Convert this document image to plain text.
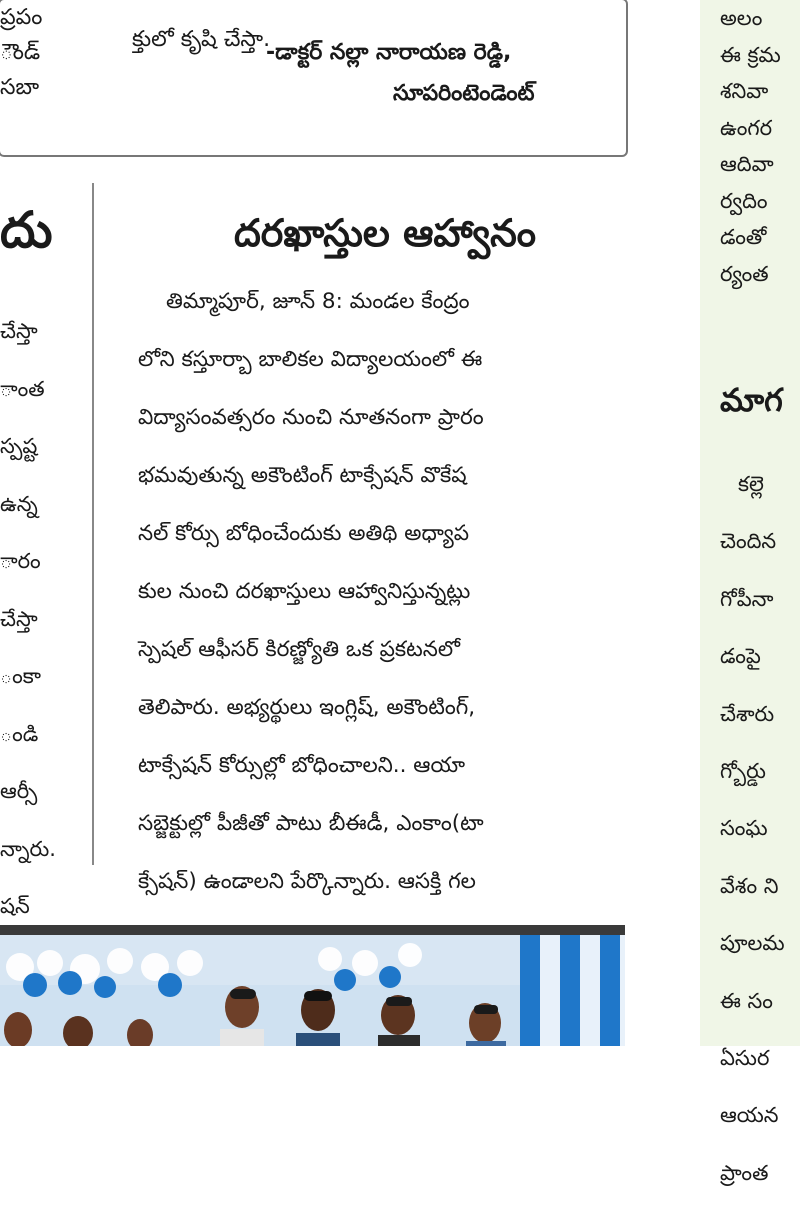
ప్రపం

ౌండ్

సబా

దు

చేస్తా

ాంత

స్పష్ట

ఉన్న

ారం

చేస్తా

ంకా

ండి

ఆర్సీ

న్నారు.

షన్

క్తులో కృషి చేస్తా.

-డాక్టర్ నల్లా నారాయణ రెడ్డి,
సూపరింటెండెంట్
దరఖాస్తుల ఆహ్వానం

తిమ్మాపూర్, జూన్ 8: మండల కేంద్రం

లోని కస్తూర్బా బాలికల విద్యాలయంలో ఈ

విద్యాసంవత్సరం నుంచి నూతనంగా ప్రారం

భమవుతున్న అకౌంటింగ్ టాక్సేషన్ వొకేష

నల్ కోర్సు బోధించేందుకు అతిథి అధ్యాప

కుల నుంచి దరఖాస్తులు ఆహ్వానిస్తున్నట్లు

స్పెషల్ ఆఫీసర్ కిరణ్జ్యోతి ఒక ప్రకటనలో

తెలిపారు. అభ్యర్థులు ఇంగ్లిష్, అకౌంటింగ్,

టాక్సేషన్ కోర్సుల్లో బోధించాలని.. ఆయా

సబ్జెక్టుల్లో పీజీతో పాటు బీఈడీ, ఎంకాం(టా

క్సేషన్) ఉండాలని పేర్కొన్నారు. ఆసక్తి గల

అలం

ఈ క్రమ

శనివా

ఉంగర

ఆదివా

ర్వదిం

డంతో

ర్యంత

మాగ

కల్లె

చెందిన

గోపీనా

డంపై

చేశారు

గ్బోర్డు

సంఘ

వేశం ని

పూలమ

ఈ సం

ఏసుర

ఆయన

ప్రాంత
